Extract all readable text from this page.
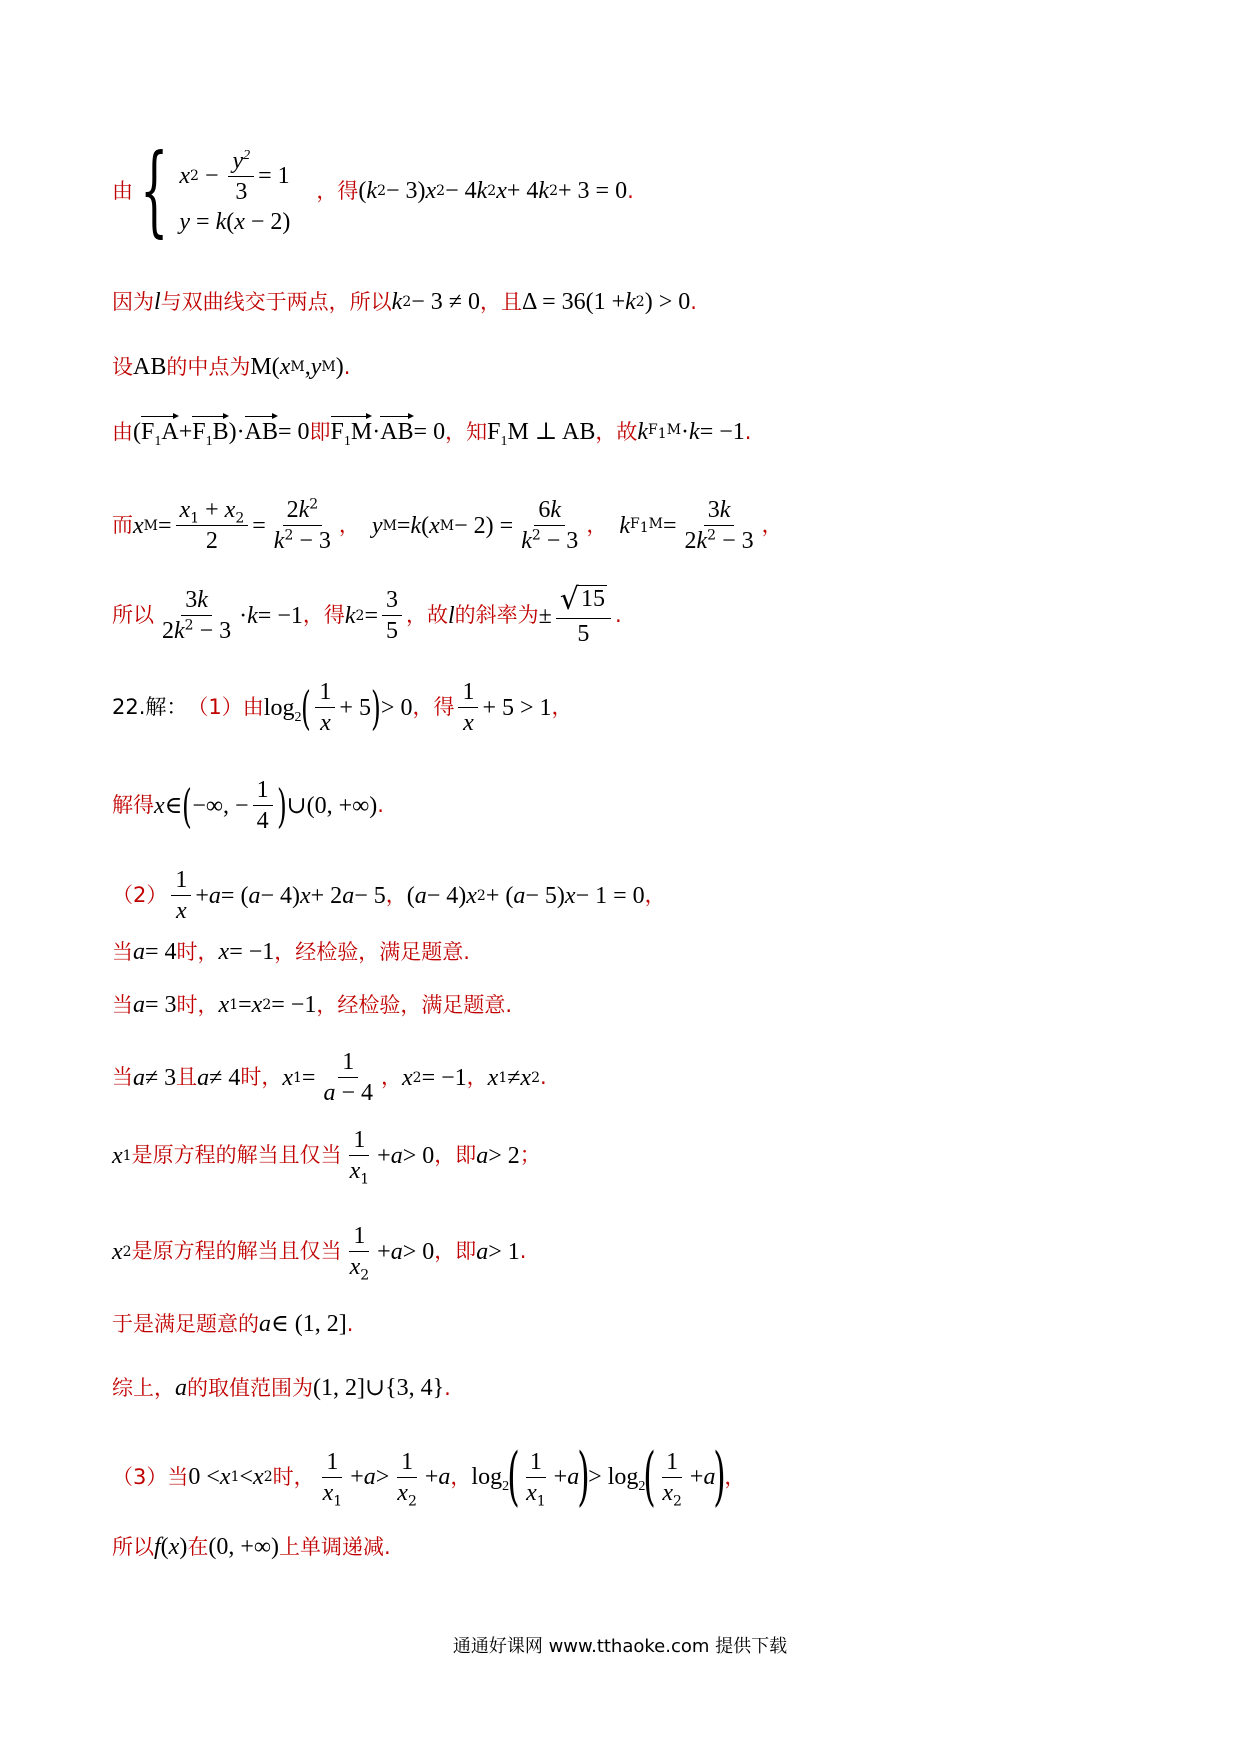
由 { x $2 - \frac{y^2}{3} = 1$
y = k(x − 2)
，得 ( k 2 − 3) x 2 − 4 k 2 x + 4 k 2 + 3 = 0 .
因为 l 与双曲线交于两点，所以 k 2 − 3 ≠ 0 ，且 Δ = 36(1 + k 2 ) > 0 .
设 AB 的中点为 M( x M , y M ) .
由 ( $F_1A + F_1B$ )· AB = 0 即 $F_1M$ · AB = 0 ，知 $F_1M$ ⊥ AB ，故 k $F_1M \cdot k = -1$ .
而 x $M = \frac{x_1 + x_2}{2} = \frac{2k^2}{k^2 - 3}$ ， y M = k ( x $M - 2) = \frac{6k}{k^2 - 3}$ ， k $F_1M = \frac{3k}{2k^2 - 3}$ ，
所以 $\frac{3k}{2k^2 - 3} \cdot k = -1$ ，得 k $2 = \frac{3}{5}$ ，故 l 的斜率为 ± $\frac{√ 15}{5}$ .
22.解： （1）由 $\log_2$ ( $\frac{1}{x} + 5$ ) > 0 ，得 $\frac{1}{x} + 5 > 1$ ，
解得 x ∈ ( −∞, − $\frac{1}{4}$ ) ∪(0, +∞) .
$(2) \frac{1}{x} + a$ = ( a − 4) x + 2 a − 5 ， ( a − 4) x 2 + ( a − 5) x − 1 = 0 ，
当 a = 4 时， x = −1 ，经检验，满足题意.
当 a = 3 时， x 1 = x 2 = −1 ，经检验，满足题意.
当 a ≠ 3 且 a ≠ 4 时， x $1 = \frac{1}{a - 4}$ ， x 2 = −1 ， x 1 ≠ x 2 .
x 1 是原方程的解当且仅当 $\frac{1}{x_1} + a > 0$ ，即 a > 2 ；
x 2 是原方程的解当且仅当 $\frac{1}{x_2} + a > 0$ ，即 a > 1 .
于是满足题意的 a ∈ (1, 2] .
综上， a 的取值范围为 (1, 2]∪{3, 4} .
（3）当 0 < x 1 < x 2 时， $\frac{1}{x_1} + a > \frac{1}{x_2} + a$ ， $\log_2$
( $\frac{1}{x_1} + a$
)
> $\log_2$
( $\frac{1}{x_2} + a$
)
，
所以 f ( x ) 在 (0, +∞) 上单调递减.
通通好课网 www.tthaoke.com 提供下载
